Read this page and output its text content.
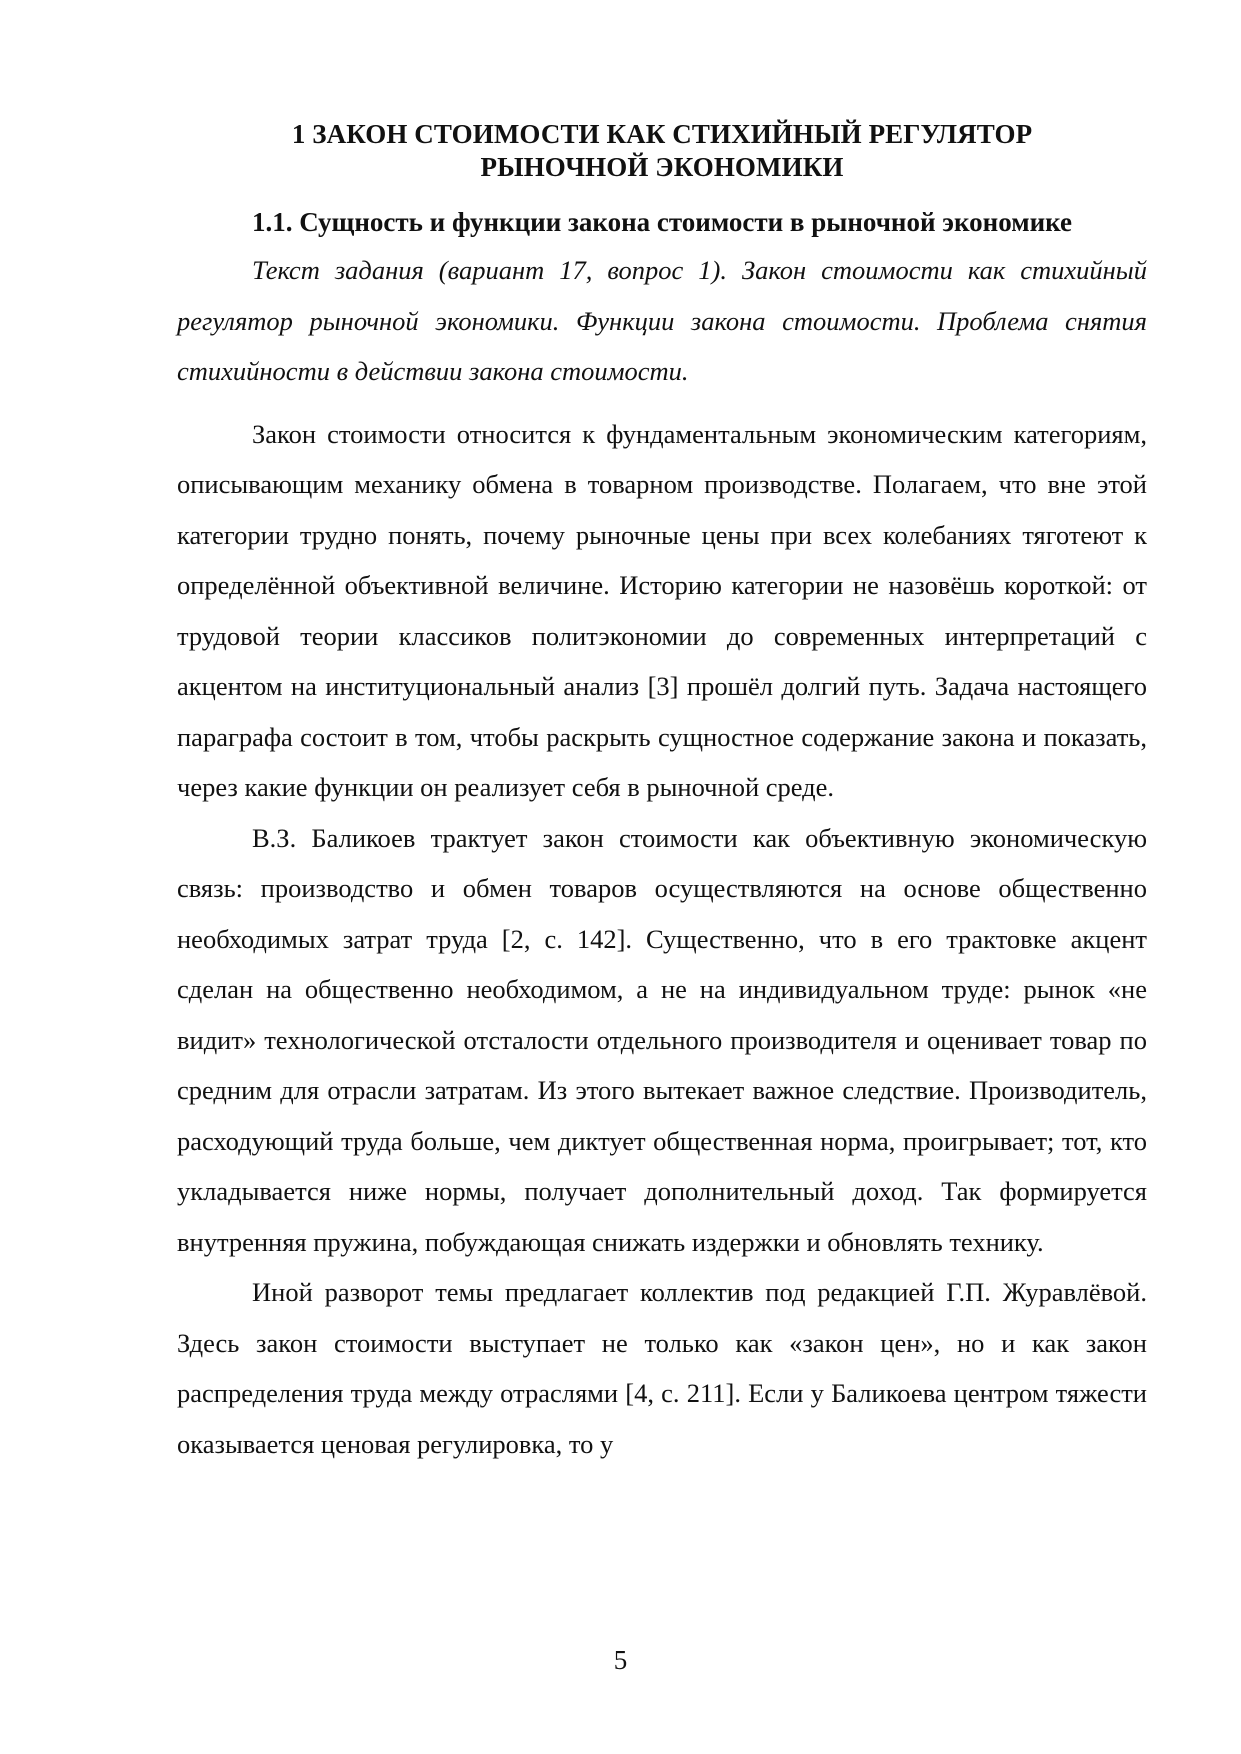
1 ЗАКОН СТОИМОСТИ КАК СТИХИЙНЫЙ РЕГУЛЯТОР
РЫНОЧНОЙ ЭКОНОМИКИ
1.1. Сущность и функции закона стоимости в рыночной экономике

Текст задания (вариант 17, вопрос 1). Закон стоимости как стихийный регулятор рыночной экономики. Функции закона стоимости. Проблема снятия стихийности в действии закона стоимости.

Закон стоимости относится к фундаментальным экономическим категориям, описывающим механику обмена в товарном производстве. Полагаем, что вне этой категории трудно понять, почему рыночные цены при всех колебаниях тяготеют к определённой объективной величине. Историю категории не назовёшь короткой: от трудовой теории классиков политэкономии до современных интерпретаций с акцентом на институциональный анализ [3] прошёл долгий путь. Задача настоящего параграфа состоит в том, чтобы раскрыть сущностное содержание закона и показать, через какие функции он реализует себя в рыночной среде.

В.З. Баликоев трактует закон стоимости как объективную экономическую связь: производство и обмен товаров осуществляются на основе общественно необходимых затрат труда [2, с. 142]. Существенно, что в его трактовке акцент сделан на общественно необходимом, а не на индивидуальном труде: рынок «не видит» технологической отсталости отдельного производителя и оценивает товар по средним для отрасли затратам. Из этого вытекает важное следствие. Производитель, расходующий труда больше, чем диктует общественная норма, проигрывает; тот, кто укладывается ниже нормы, получает дополнительный доход. Так формируется внутренняя пружина, побуждающая снижать издержки и обновлять технику.

Иной разворот темы предлагает коллектив под редакцией Г.П. Журавлёвой. Здесь закон стоимости выступает не только как «закон цен», но и как закон распределения труда между отраслями [4, с. 211]. Если у Баликоева центром тяжести оказывается ценовая регулировка, то у

5
